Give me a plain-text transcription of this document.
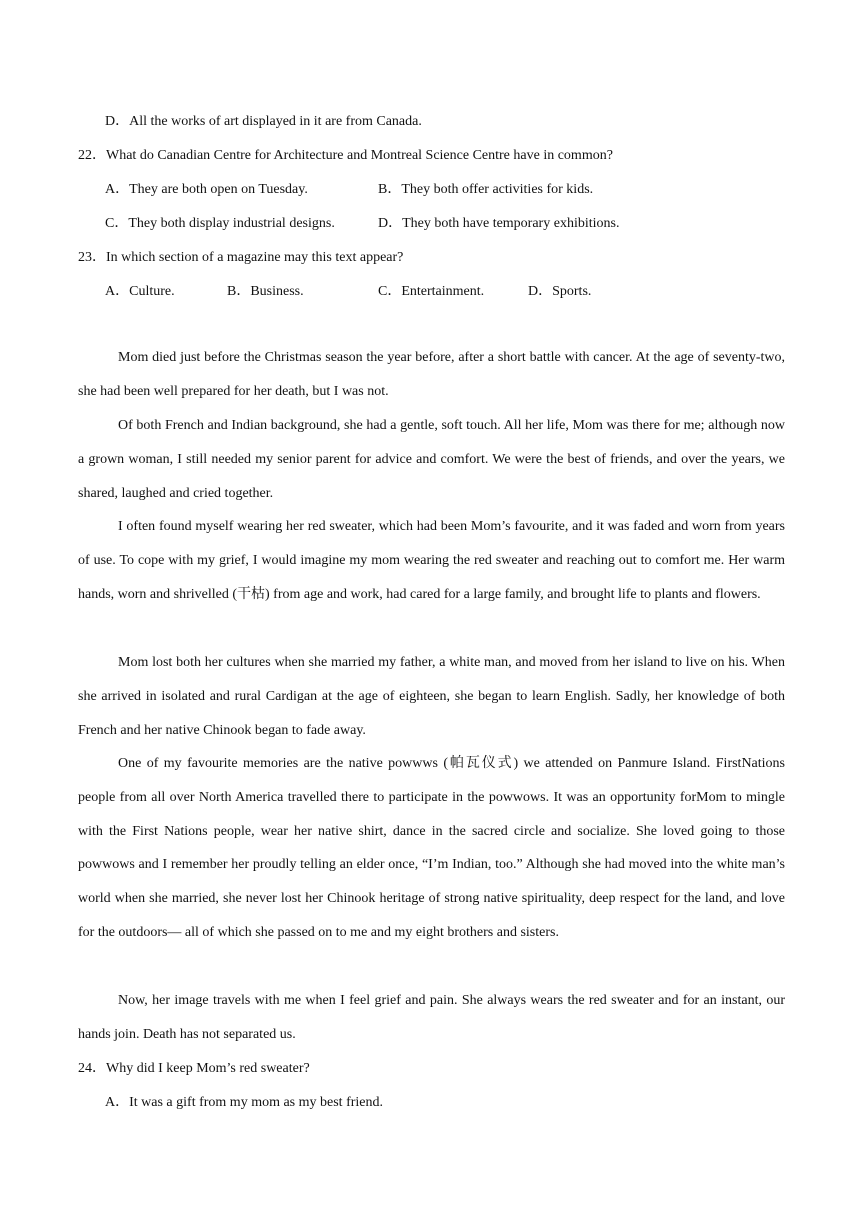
D．All the works of art displayed in it are from Canada.
22．What do Canadian Centre for Architecture and Montreal Science Centre have in common?
A．They are both open on Tuesday.	B．They both offer activities for kids.
C．They both display industrial designs.	D．They both have temporary exhibitions.
23．In which section of a magazine may this text appear?
A．Culture.	B．Business.	C．Entertainment.	D．Sports.

Mom died just before the Christmas season the year before, after a short battle with cancer. At the age of seventy-two, she had been well prepared for her death, but I was not.

Of both French and Indian background, she had a gentle, soft touch. All her life, Mom was there for me; although now a grown woman, I still needed my senior parent for advice and comfort. We were the best of friends, and over the years, we shared, laughed and cried together.

I often found myself wearing her red sweater, which had been Mom’s favourite, and it was faded and worn from years of use. To cope with my grief, I would imagine my mom wearing the red sweater and reaching out to comfort me. Her warm hands, worn and shrivelled (干枯) from age and work, had cared for a large family, and brought life to plants and flowers.

Mom lost both her cultures when she married my father, a white man, and moved from her island to live on his. When she arrived in isolated and rural Cardigan at the age of eighteen, she began to learn English. Sadly, her knowledge of both French and her native Chinook began to fade away.

One of my favourite memories are the native powwws (帕瓦仪式) we attended on Panmure Island. FirstNations people from all over North America travelled there to participate in the powwows. It was an opportunity forMom to mingle with the First Nations people, wear her native shirt, dance in the sacred circle and socialize. She loved going to those powwows and I remember her proudly telling an elder once, “I’m Indian, too.” Although she had moved into the white man’s world when she married, she never lost her Chinook heritage of strong native spirituality, deep respect for the land, and love for the outdoors— all of which she passed on to me and my eight brothers and sisters.

Now, her image travels with me when I feel grief and pain. She always wears the red sweater and for an instant, our hands join. Death has not separated us.

24．Why did I keep Mom’s red sweater?
A．It was a gift from my mom as my best friend.
